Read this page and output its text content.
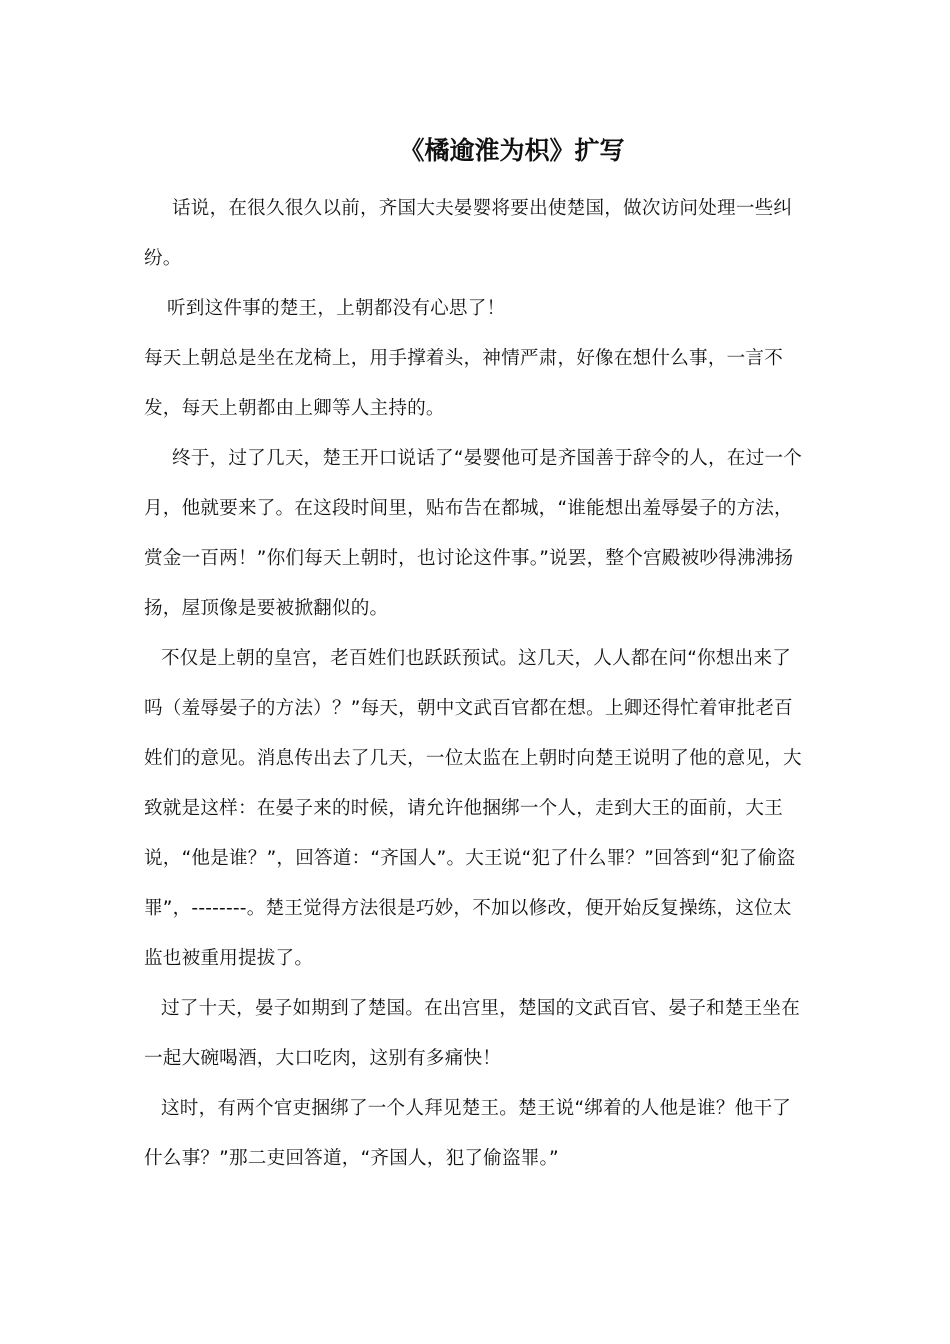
《橘逾淮为枳》扩写

话说，在很久很久以前，齐国大夫晏婴将要出使楚国，做次访问处理一些纠纷。

听到这件事的楚王，上朝都没有心思了！

每天上朝总是坐在龙椅上，用手撑着头，神情严肃，好像在想什么事，一言不发，每天上朝都由上卿等人主持的。

终于，过了几天，楚王开口说话了“晏婴他可是齐国善于辞令的人，在过一个月，他就要来了。在这段时间里，贴布告在都城，“谁能想出羞辱晏子的方法，赏金一百两！”你们每天上朝时，也讨论这件事。”说罢，整个宫殿被吵得沸沸扬扬，屋顶像是要被掀翻似的。

不仅是上朝的皇宫，老百姓们也跃跃预试。这几天，人人都在问“你想出来了吗（羞辱晏子的方法）？”每天，朝中文武百官都在想。上卿还得忙着审批老百姓们的意见。消息传出去了几天，一位太监在上朝时向楚王说明了他的意见，大致就是这样：在晏子来的时候，请允许他捆绑一个人，走到大王的面前，大王说，“他是谁？”，回答道：“齐国人”。大王说“犯了什么罪？”回答到“犯了偷盗罪”，--------。楚王觉得方法很是巧妙，不加以修改，便开始反复操练，这位太监也被重用提拔了。

过了十天，晏子如期到了楚国。在出宫里，楚国的文武百官、晏子和楚王坐在一起大碗喝酒，大口吃肉，这别有多痛快！

这时，有两个官吏捆绑了一个人拜见楚王。楚王说“绑着的人他是谁？他干了什么事？”那二吏回答道，“齐国人，犯了偷盗罪。”
